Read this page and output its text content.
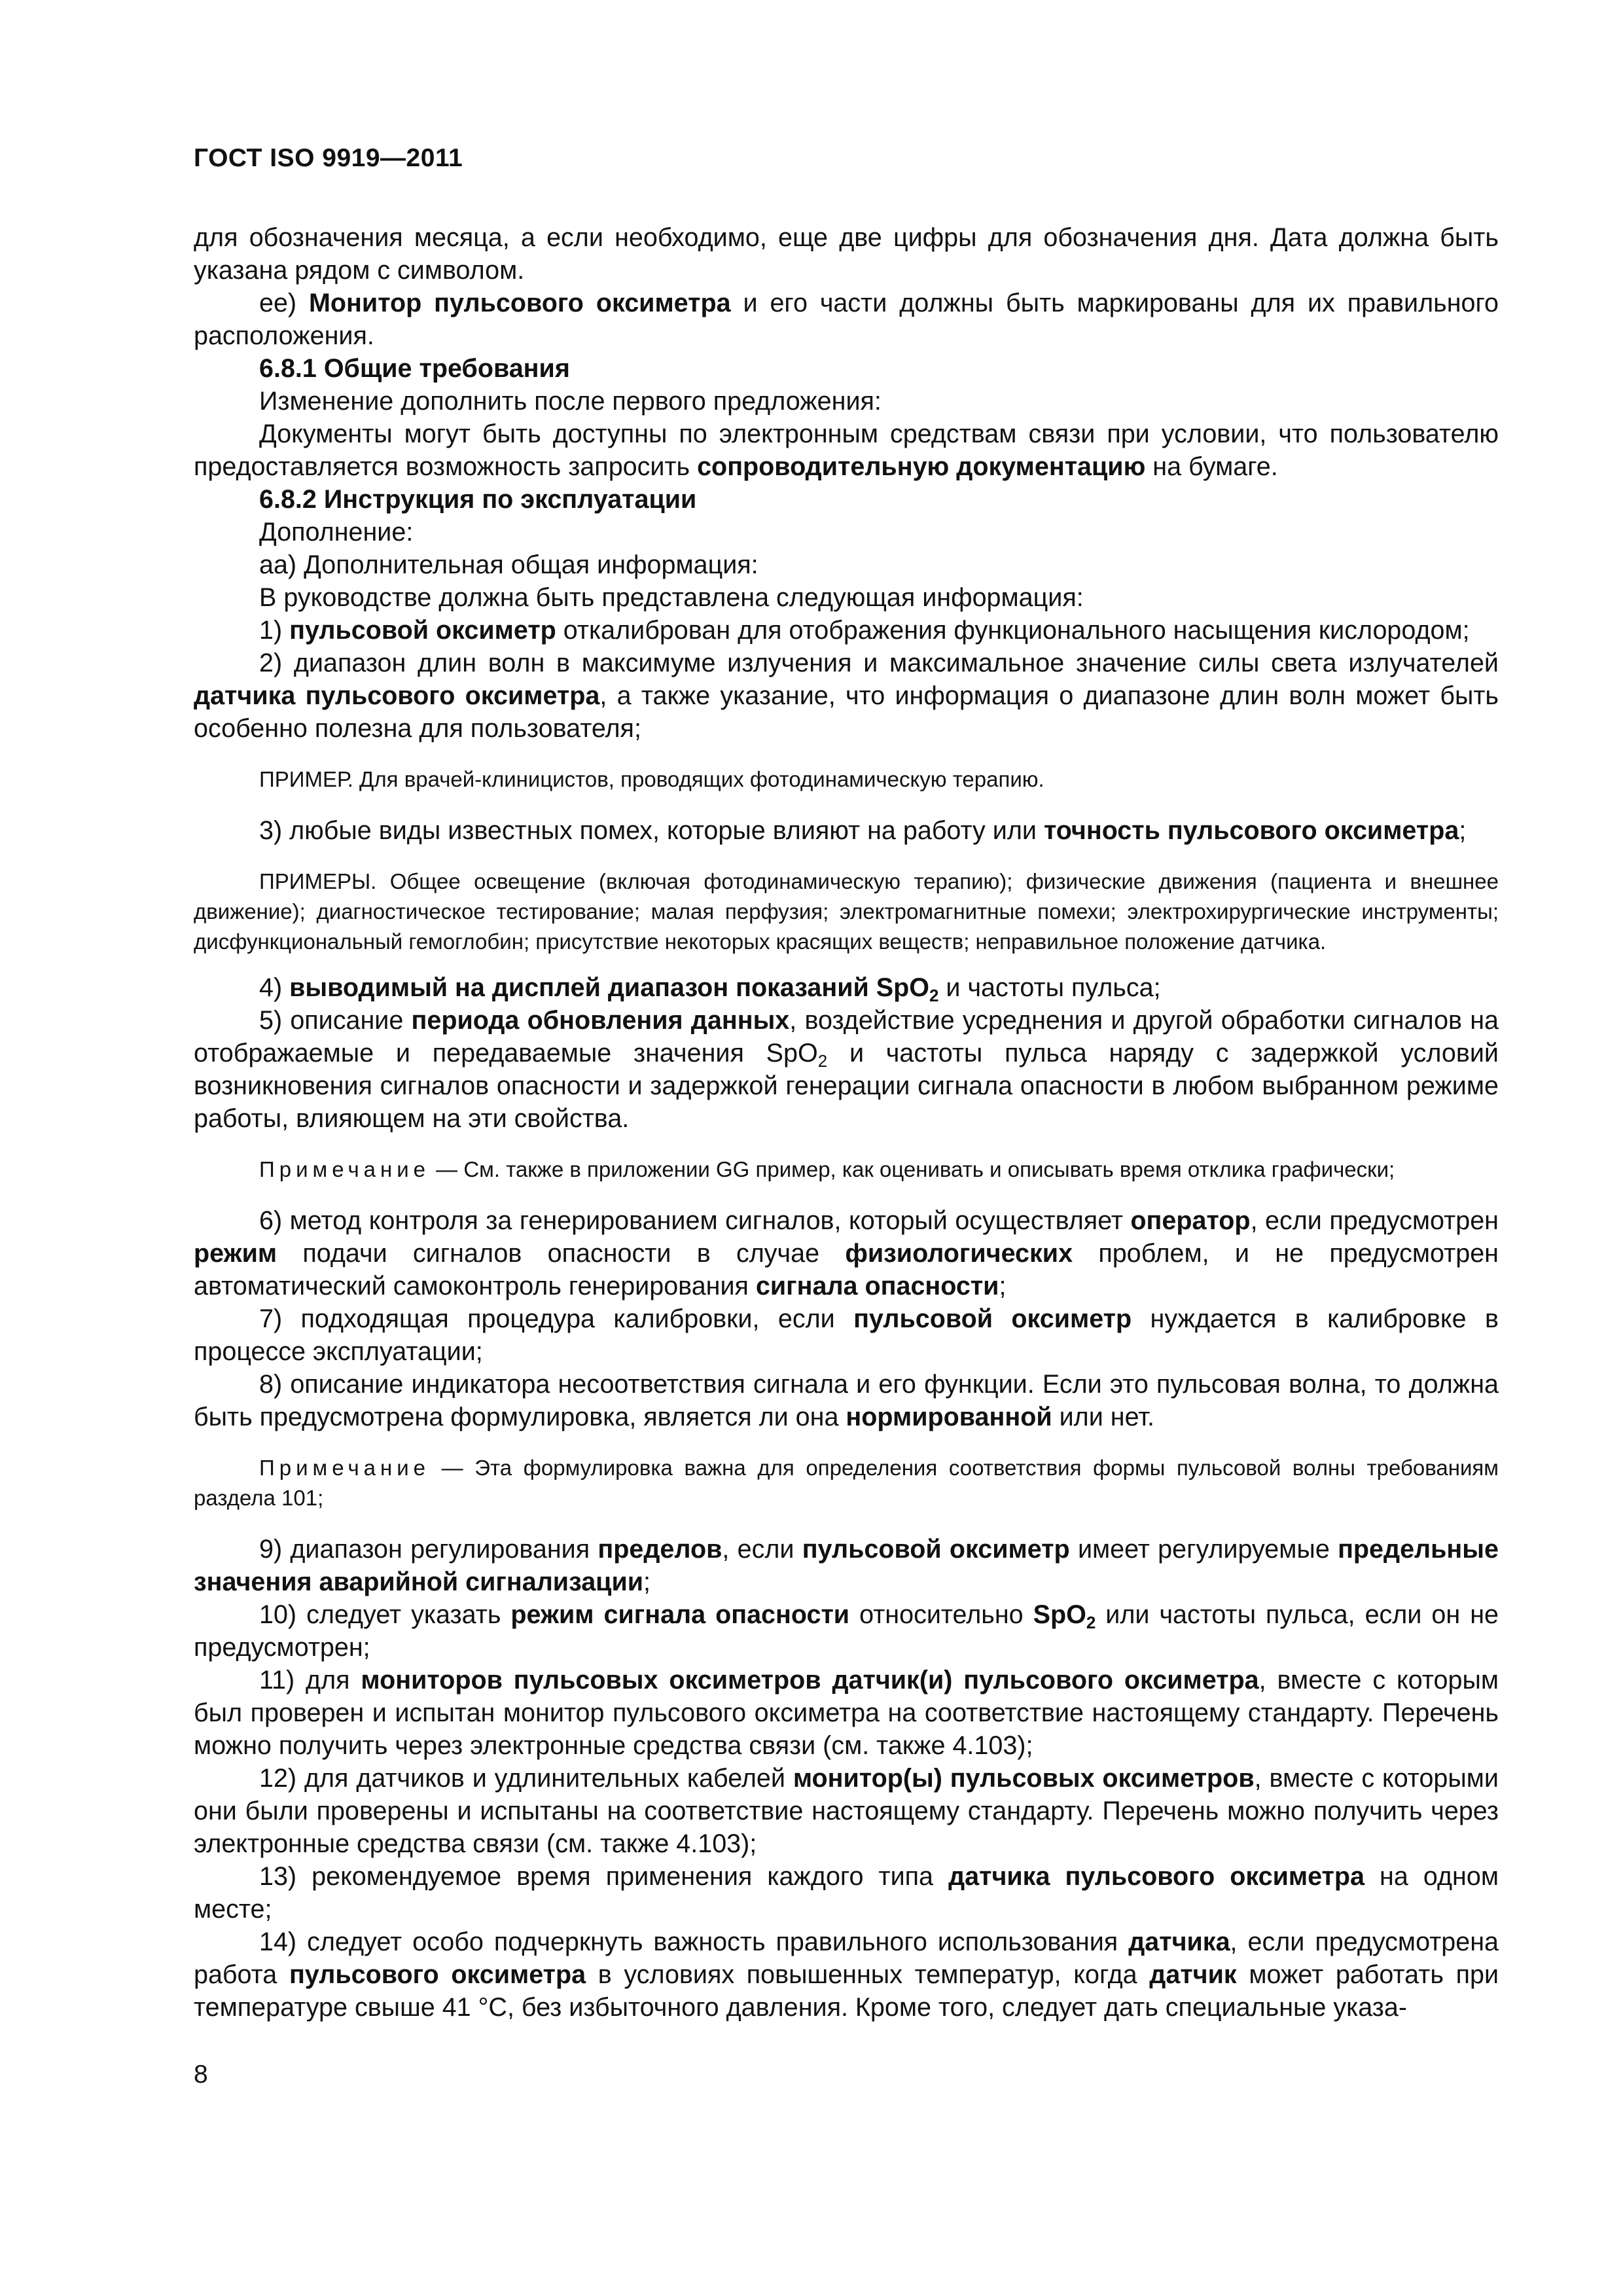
ГОСТ ISO 9919—2011

для обозначения месяца, а если необходимо, еще две цифры для обозначения дня. Дата должна быть указана рядом с символом.

ее) Монитор пульсового оксиметра и его части должны быть маркированы для их правильного расположения.

6.8.1 Общие требования

Изменение дополнить после первого предложения:

Документы могут быть доступны по электронным средствам связи при условии, что пользователю предоставляется возможность запросить сопроводительную документацию на бумаге.

6.8.2 Инструкция по эксплуатации

Дополнение:

аа) Дополнительная общая информация:

В руководстве должна быть представлена следующая информация:

1) пульсовой оксиметр откалиброван для отображения функционального насыщения кислородом;

2) диапазон длин волн в максимуме излучения и максимальное значение силы света излучателей датчика пульсового оксиметра, а также указание, что информация о диапазоне длин волн может быть особенно полезна для пользователя;

ПРИМЕР. Для врачей-клиницистов, проводящих фотодинамическую терапию.

3) любые виды известных помех, которые влияют на работу или точность пульсового оксиметра;

ПРИМЕРЫ. Общее освещение (включая фотодинамическую терапию); физические движения (пациента и внешнее движение); диагностическое тестирование; малая перфузия; электромагнитные помехи; электрохирургические инструменты; дисфункциональный гемоглобин; присутствие некоторых красящих веществ; неправильное положение датчика.

4) выводимый на дисплей диапазон показаний SpO$_2$ и частоты пульса;

5) описание периода обновления данных, воздействие усреднения и другой обработки сигналов на отображаемые и передаваемые значения SpO$_2$ и частоты пульса наряду с задержкой условий возникновения сигналов опасности и задержкой генерации сигнала опасности в любом выбранном режиме работы, влияющем на эти свойства.

Примечание — См. также в приложении GG пример, как оценивать и описывать время отклика графически;

6) метод контроля за генерированием сигналов, который осуществляет оператор, если предусмотрен режим подачи сигналов опасности в случае физиологических проблем, и не предусмотрен автоматический самоконтроль генерирования сигнала опасности;

7) подходящая процедура калибровки, если пульсовой оксиметр нуждается в калибровке в процессе эксплуатации;

8) описание индикатора несоответствия сигнала и его функции. Если это пульсовая волна, то должна быть предусмотрена формулировка, является ли она нормированной или нет.

Примечание — Эта формулировка важна для определения соответствия формы пульсовой волны требованиям раздела 101;

9) диапазон регулирования пределов, если пульсовой оксиметр имеет регулируемые предельные значения аварийной сигнализации;

10) следует указать режим сигнала опасности относительно SpO$_2$ или частоты пульса, если он не предусмотрен;

11) для мониторов пульсовых оксиметров датчик(и) пульсового оксиметра, вместе с которым был проверен и испытан монитор пульсового оксиметра на соответствие настоящему стандарту. Перечень можно получить через электронные средства связи (см. также 4.103);

12) для датчиков и удлинительных кабелей монитор(ы) пульсовых оксиметров, вместе с которыми они были проверены и испытаны на соответствие настоящему стандарту. Перечень можно получить через электронные средства связи (см. также 4.103);

13) рекомендуемое время применения каждого типа датчика пульсового оксиметра на одном месте;

14) следует особо подчеркнуть важность правильного использования датчика, если предусмотрена работа пульсового оксиметра в условиях повышенных температур, когда датчик может работать при температуре свыше 41 °С, без избыточного давления. Кроме того, следует дать специальные указа-

8
